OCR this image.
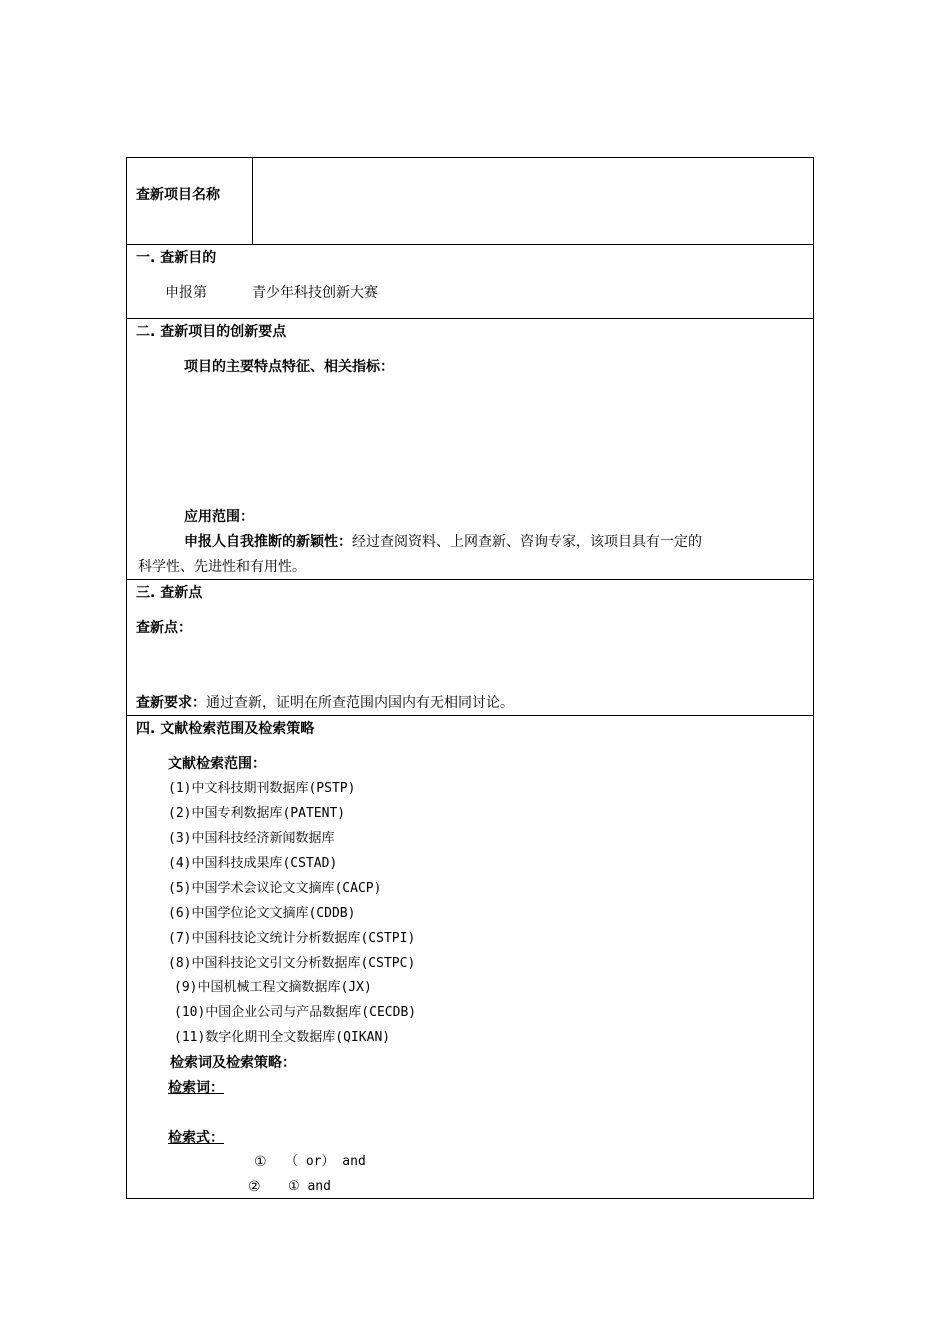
查新项目名称
一. 查新目的
申报第	青少年科技创新大赛
二. 查新项目的创新要点
项目的主要特点特征、相关指标：
应用范围：
申报人自我推断的新颖性：经过查阅资料、上网查新、咨询专家，该项目具有一定的
科学性、先进性和有用性。
三. 查新点
查新点：
查新要求：通过查新，证明在所查范围内国内有无相同讨论。
四. 文献检索范围及检索策略
文献检索范围：
(1)中文科技期刊数据库(PSTP)
(2)中国专利数据库(PATENT)
(3)中国科技经济新闻数据库
(4)中国科技成果库(CSTAD)
(5)中国学术会议论文文摘库(CACP)
(6)中国学位论文文摘库(CDDB)
(7)中国科技论文统计分析数据库(CSTPI)
(8)中国科技论文引文分析数据库(CSTPC)
(9)中国机械工程文摘数据库(JX)
(10)中国企业公司与产品数据库(CECDB)
(11)数字化期刊全文数据库(QIKAN)
检索词及检索策略：
检索词：
检索式：
① （ or） and
② ① and
